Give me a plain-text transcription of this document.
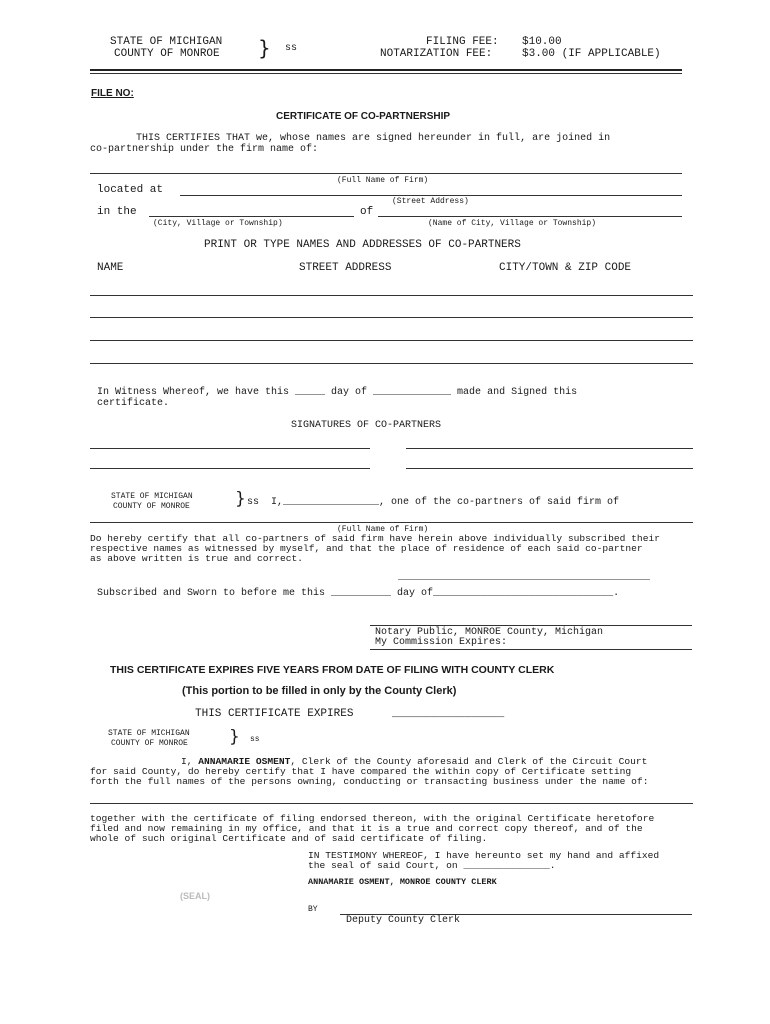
STATE OF MICHIGAN
COUNTY OF MONROE } ss
FILING FEE: $10.00
NOTARIZATION FEE:	$3.00 (IF APPLICABLE)
FILE NO:
CERTIFICATE OF CO-PARTNERSHIP
THIS CERTIFIES THAT we, whose names are signed hereunder in full, are joined in
co-partnership under the firm name of:
(Full Name of Firm)
located at
(Street Address)
in the	of
(City, Village or Township)	(Name of City, Village or Township)
PRINT OR TYPE NAMES AND ADDRESSES OF CO-PARTNERS
NAME	STREET ADDRESS	CITY/TOWN & ZIP CODE
In Witness Whereof, we have this _____ day of _____________ made and Signed this
certificate.
SIGNATURES OF CO-PARTNERS
STATE OF MICHIGAN
COUNTY OF MONROE	} ss  I,________________, one of the co-partners of said firm of
(Full Name of Firm)
Do hereby certify that all co-partners of said firm have herein above individually subscribed their
respective names as witnessed by myself, and that the place of residence of each said co-partner
as above written is true and correct.
__________________________________________
Subscribed and Sworn to before me this __________ day of______________________________.
Notary Public, MONROE County, Michigan
My Commission Expires:
THIS CERTIFICATE EXPIRES FIVE YEARS FROM DATE OF FILING WITH COUNTY CLERK
(This portion to be filled in only by the County Clerk)
THIS CERTIFICATE EXPIRES	_________________
STATE OF MICHIGAN
COUNTY OF MONROE } ss
I, ANNAMARIE OSMENT, Clerk of the County aforesaid and Clerk of the Circuit Court
for said County, do hereby certify that I have compared the within copy of Certificate setting
forth the full names of the persons owning, conducting or transacting business under the name of:
together with the certificate of filing endorsed thereon, with the original Certificate heretofore
filed and now remaining in my office, and that it is a true and correct copy thereof, and of the
whole of such original Certificate and of said certificate of filing.
IN TESTIMONY WHEREOF, I have hereunto set my hand and affixed
the seal of said Court, on _______________.
ANNAMARIE OSMENT, MONROE COUNTY CLERK
(SEAL)
BY
Deputy County Clerk
